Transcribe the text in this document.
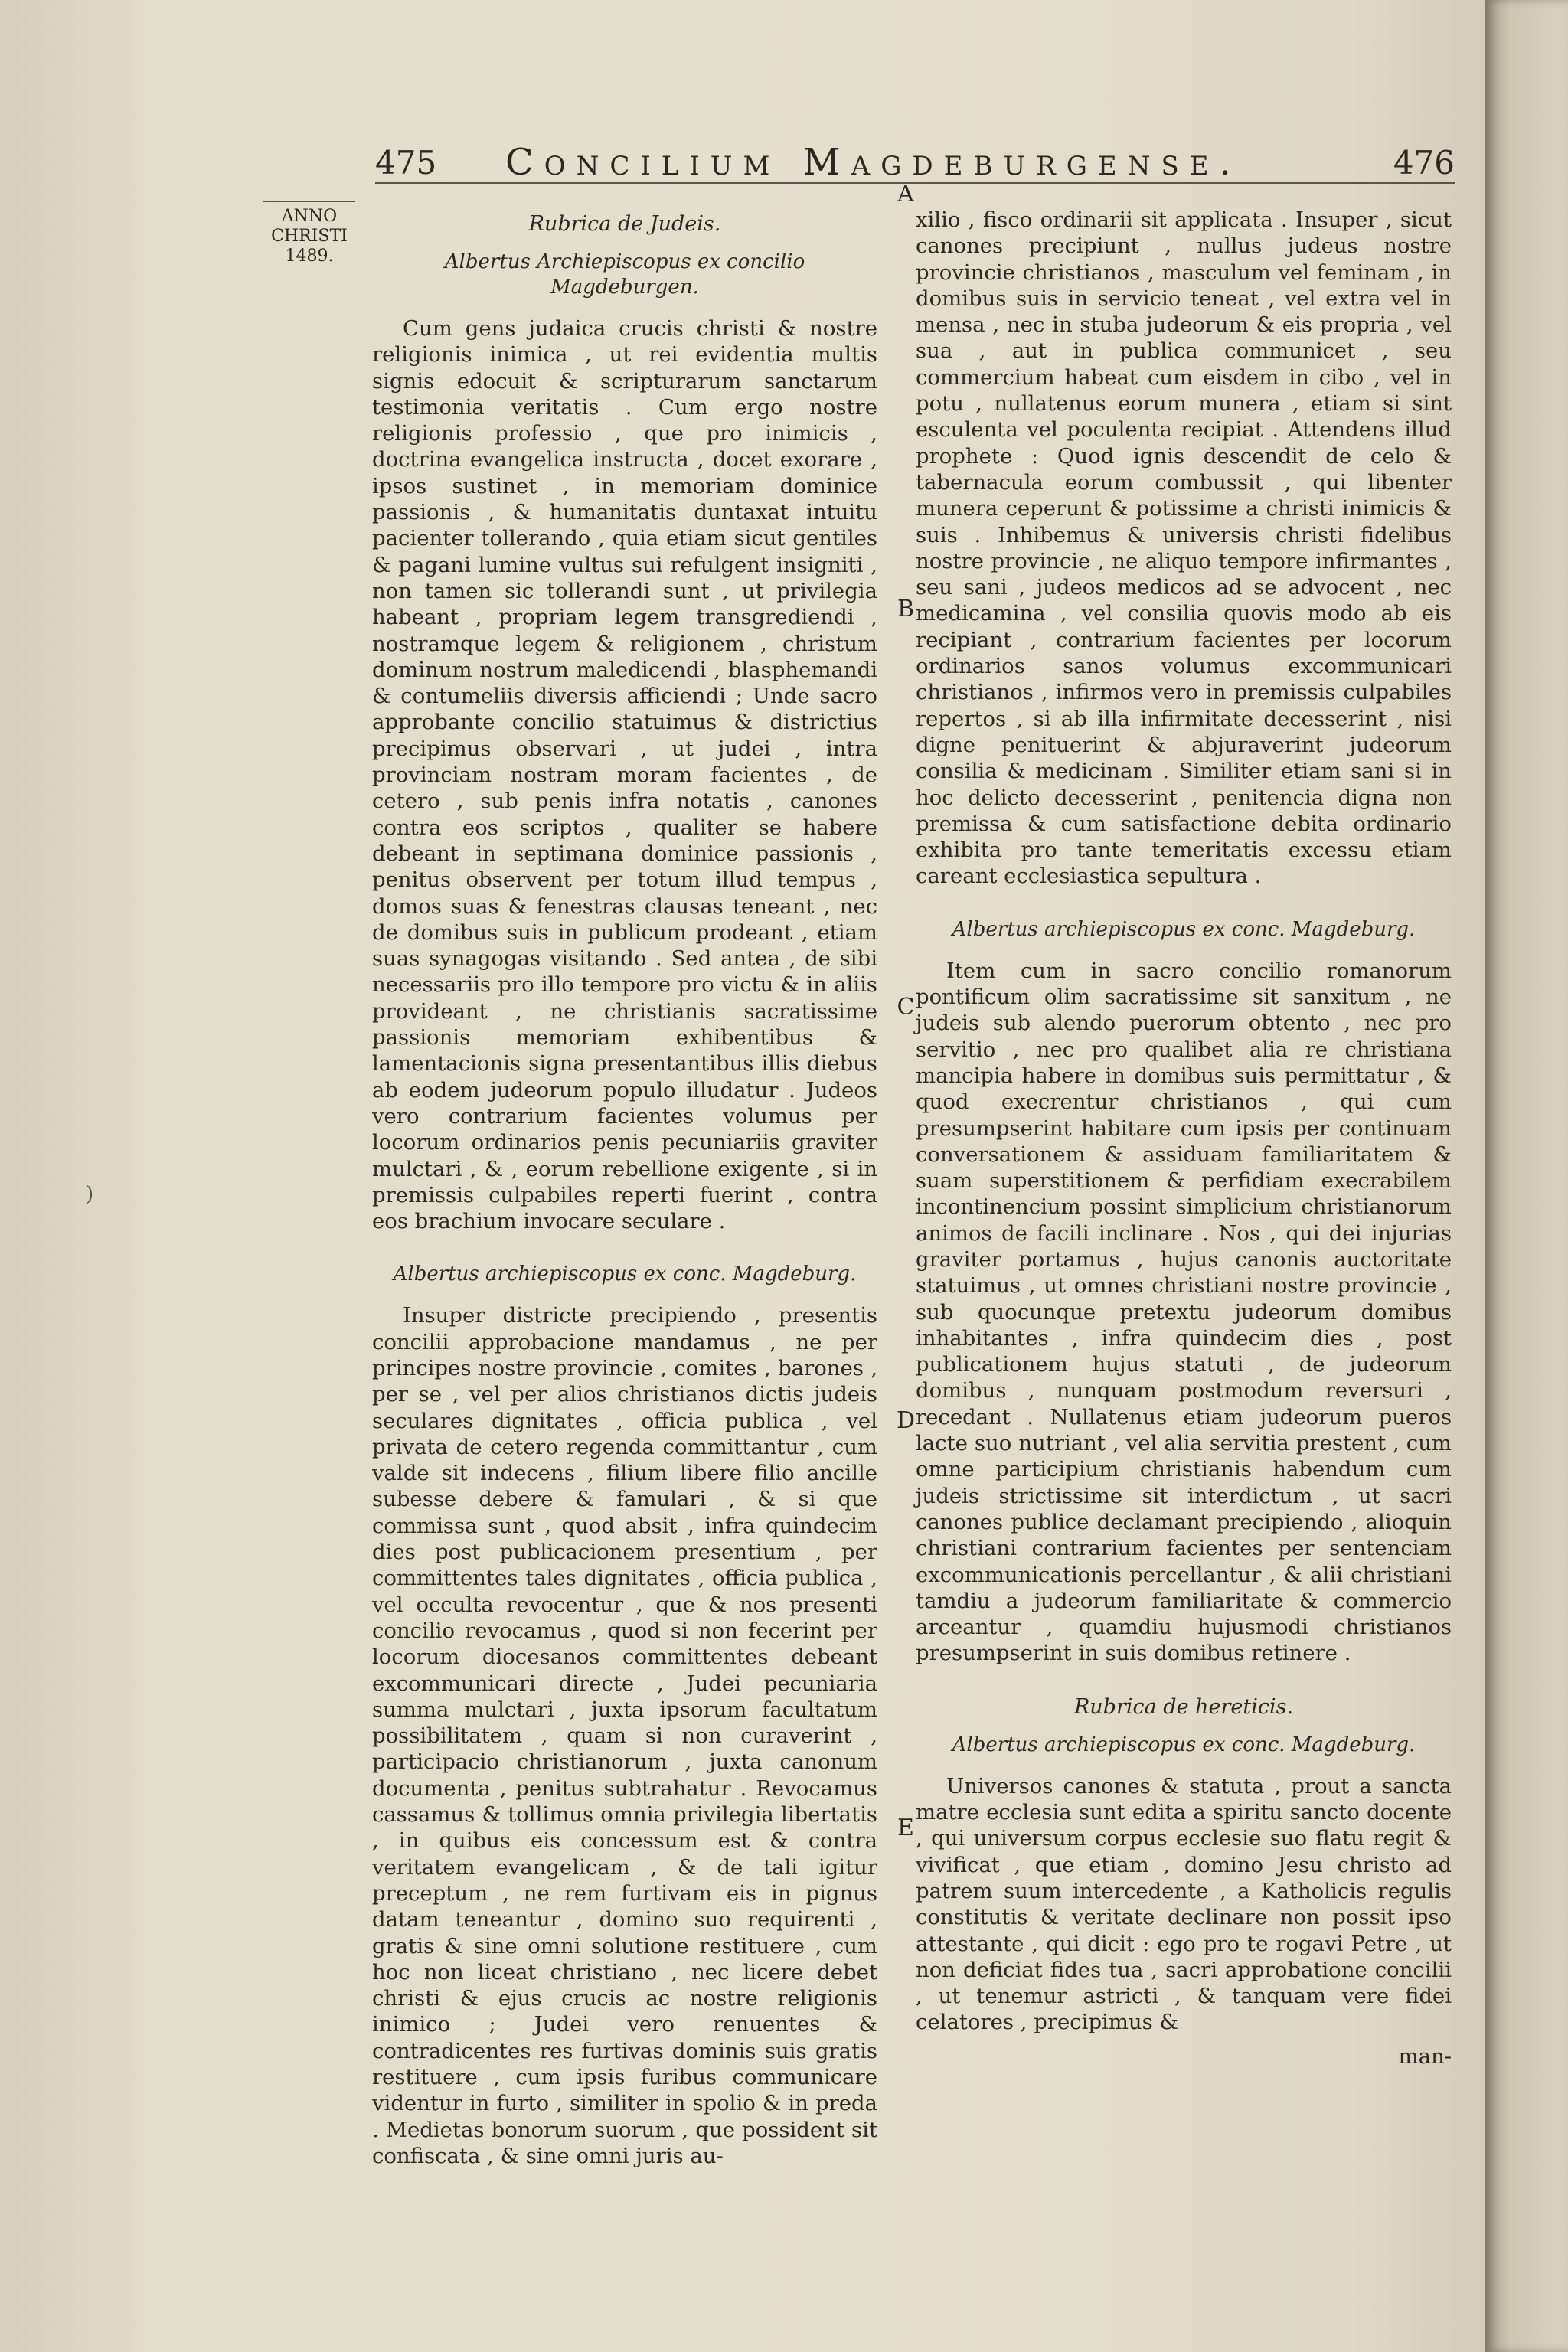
475 Concilium Magdeburgense.	476
ANNO
CHRISTI
1489.
)
A
B
C
D
E
Rubrica de Judeis.
Albertus Archiepiscopus ex concilio Magdeburgen.

Cum gens judaica crucis christi & nostre religionis inimica , ut rei evidentia multis signis edocuit & scripturarum sanctarum testimonia veritatis . Cum ergo nostre religionis professio , que pro inimicis , doctrina evangelica instructa , docet exorare , ipsos sustinet , in memoriam dominice passionis , & humanitatis duntaxat intuitu pacienter tollerando , quia etiam sicut gentiles & pagani lumine vultus sui refulgent insigniti , non tamen sic tollerandi sunt , ut privilegia habeant , propriam legem transgrediendi , nostramque legem & religionem , christum dominum nostrum maledicendi , blasphemandi & contumeliis diversis afficiendi ; Unde sacro approbante concilio statuimus & districtius precipimus observari , ut judei , intra provinciam nostram moram facientes , de cetero , sub penis infra notatis , canones contra eos scriptos , qualiter se habere debeant in septimana dominice passionis , penitus observent per totum illud tempus , domos suas & fenestras clausas teneant , nec de domibus suis in publicum prodeant , etiam suas synagogas visitando . Sed antea , de sibi necessariis pro illo tempore pro victu & in aliis provideant , ne christianis sacratissime passionis memoriam exhibentibus & lamentacionis signa presentantibus illis diebus ab eodem judeorum populo illudatur . Judeos vero contrarium facientes volumus per locorum ordinarios penis pecuniariis graviter mulctari , & , eorum rebellione exigente , si in premissis culpabiles reperti fuerint , contra eos brachium invocare seculare .

Albertus archiepiscopus ex conc. Magdeburg.

Insuper districte precipiendo , presentis concilii approbacione mandamus , ne per principes nostre provincie , comites , barones , per se , vel per alios christianos dictis judeis seculares dignitates , officia publica , vel privata de cetero regenda committantur , cum valde sit indecens , filium libere filio ancille subesse debere & famulari , & si que commissa sunt , quod absit , infra quindecim dies post publicacionem presentium , per committentes tales dignitates , officia publica , vel occulta revocentur , que & nos presenti concilio revocamus , quod si non fecerint per locorum diocesanos committentes debeant excommunicari directe , Judei pecuniaria summa mulctari , juxta ipsorum facultatum possibilitatem , quam si non curaverint , participacio christianorum , juxta canonum documenta , penitus subtrahatur . Revocamus cassamus & tollimus omnia privilegia libertatis , in quibus eis concessum est & contra veritatem evangelicam , & de tali igitur preceptum , ne rem furtivam eis in pignus datam teneantur , domino suo requirenti , gratis & sine omni solutione restituere , cum hoc non liceat christiano , nec licere debet christi & ejus crucis ac nostre religionis inimico ; Judei vero renuentes & contradicentes res furtivas dominis suis gratis restituere , cum ipsis furibus communicare videntur in furto , similiter in spolio & in preda . Medietas bonorum suorum , que possident sit confiscata , & sine omni juris au-

xilio , fisco ordinarii sit applicata . Insuper , sicut canones precipiunt , nullus judeus nostre provincie christianos , masculum vel feminam , in domibus suis in servicio teneat , vel extra vel in mensa , nec in stuba judeorum & eis propria , vel sua , aut in publica communicet , seu commercium habeat cum eisdem in cibo , vel in potu , nullatenus eorum munera , etiam si sint esculenta vel poculenta recipiat . Attendens illud prophete : Quod ignis descendit de celo & tabernacula eorum combussit , qui libenter munera ceperunt & potissime a christi inimicis & suis . Inhibemus & universis christi fidelibus nostre provincie , ne aliquo tempore infirmantes , seu sani , judeos medicos ad se advocent , nec medicamina , vel consilia quovis modo ab eis recipiant , contrarium facientes per locorum ordinarios sanos volumus excommunicari christianos , infirmos vero in premissis culpabiles repertos , si ab illa infirmitate decesserint , nisi digne penituerint & abjuraverint judeorum consilia & medicinam . Similiter etiam sani si in hoc delicto decesserint , penitencia digna non premissa & cum satisfactione debita ordinario exhibita pro tante temeritatis excessu etiam careant ecclesiastica sepultura .

Albertus archiepiscopus ex conc. Magdeburg.

Item cum in sacro concilio romanorum pontificum olim sacratissime sit sanxitum , ne judeis sub alendo puerorum obtento , nec pro servitio , nec pro qualibet alia re christiana mancipia habere in domibus suis permittatur , & quod execrentur christianos , qui cum presumpserint habitare cum ipsis per continuam conversationem & assiduam familiaritatem & suam superstitionem & perfidiam execrabilem incontinencium possint simplicium christianorum animos de facili inclinare . Nos , qui dei injurias graviter portamus , hujus canonis auctoritate statuimus , ut omnes christiani nostre provincie , sub quocunque pretextu judeorum domibus inhabitantes , infra quindecim dies , post publicationem hujus statuti , de judeorum domibus , nunquam postmodum reversuri , recedant . Nullatenus etiam judeorum pueros lacte suo nutriant , vel alia servitia prestent , cum omne participium christianis habendum cum judeis strictissime sit interdictum , ut sacri canones publice declamant precipiendo , alioquin christiani contrarium facientes per sentenciam excommunicationis percellantur , & alii christiani tamdiu a judeorum familiaritate & commercio arceantur , quamdiu hujusmodi christianos presumpserint in suis domibus retinere .

Rubrica de hereticis.
Albertus archiepiscopus ex conc. Magdeburg.

Universos canones & statuta , prout a sancta matre ecclesia sunt edita a spiritu sancto docente , qui universum corpus ecclesie suo flatu regit & vivificat , que etiam , domino Jesu christo ad patrem suum intercedente , a Katholicis regulis constitutis & veritate declinare non possit ipso attestante , qui dicit : ego pro te rogavi Petre , ut non deficiat fides tua , sacri approbatione concilii , ut tenemur astricti , & tanquam vere fidei celatores , precipimus &

man-
